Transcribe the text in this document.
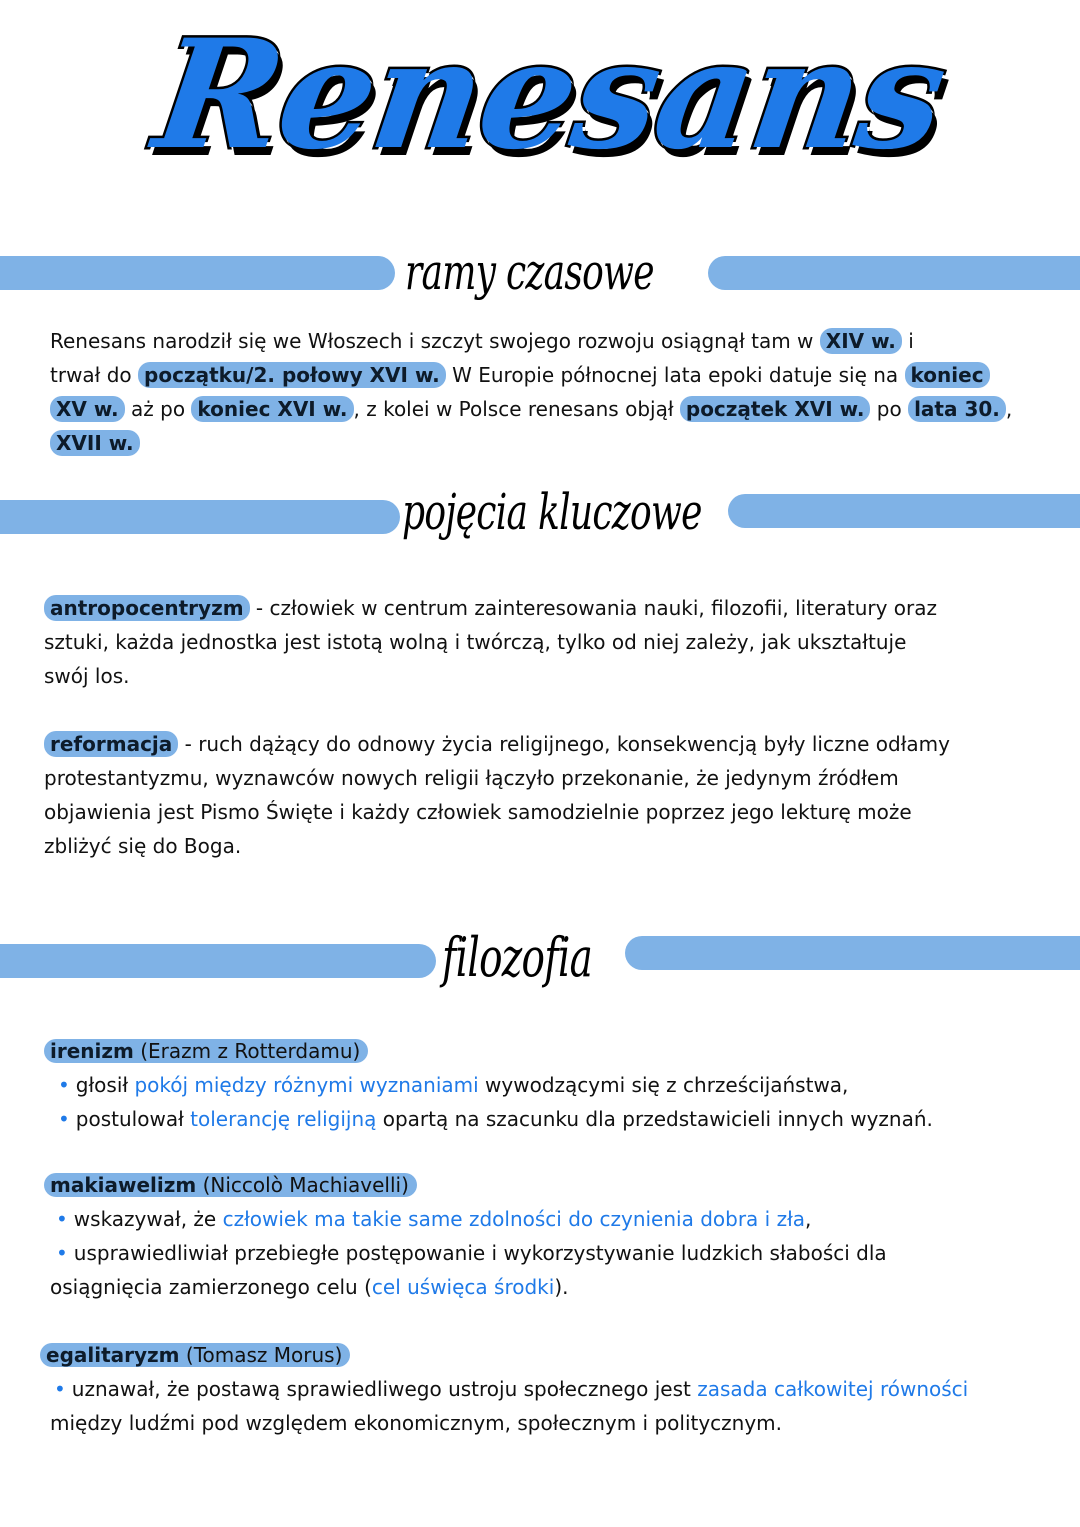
Renesans
ramy czasowe
Renesans narodził się we Włoszech i szczyt swojego rozwoju osiągnął tam w XIV w. i
trwał do początku/2. połowy XVI w. W Europie północnej lata epoki datuje się na koniec
XV w. aż po koniec XVI w. , z kolei w Polsce renesans objął początek XVI w. po lata 30. ,
XVII w.
pojęcia kluczowe
antropocentryzm - człowiek w centrum zainteresowania nauki, filozofii, literatury oraz
sztuki, każda jednostka jest istotą wolną i twórczą, tylko od niej zależy, jak ukształtuje
swój los.
reformacja - ruch dążący do odnowy życia religijnego, konsekwencją były liczne odłamy
protestantyzmu, wyznawców nowych religii łączyło przekonanie, że jedynym źródłem
objawienia jest Pismo Święte i każdy człowiek samodzielnie poprzez jego lekturę może
zbliżyć się do Boga.
filozofia
irenizm (Erazm z Rotterdamu)
• głosił pokój między różnymi wyznaniami wywodzącymi się z chrześcijaństwa,
• postulował tolerancję religijną opartą na szacunku dla przedstawicieli innych wyznań.
makiawelizm (Niccolò Machiavelli)
• wskazywał, że człowiek ma takie same zdolności do czynienia dobra i zła,
• usprawiedliwiał przebiegłe postępowanie i wykorzystywanie ludzkich słabości dla
osiągnięcia zamierzonego celu (cel uświęca środki).
egalitaryzm (Tomasz Morus)
• uznawał, że postawą sprawiedliwego ustroju społecznego jest zasada całkowitej równości
między ludźmi pod względem ekonomicznym, społecznym i politycznym.
